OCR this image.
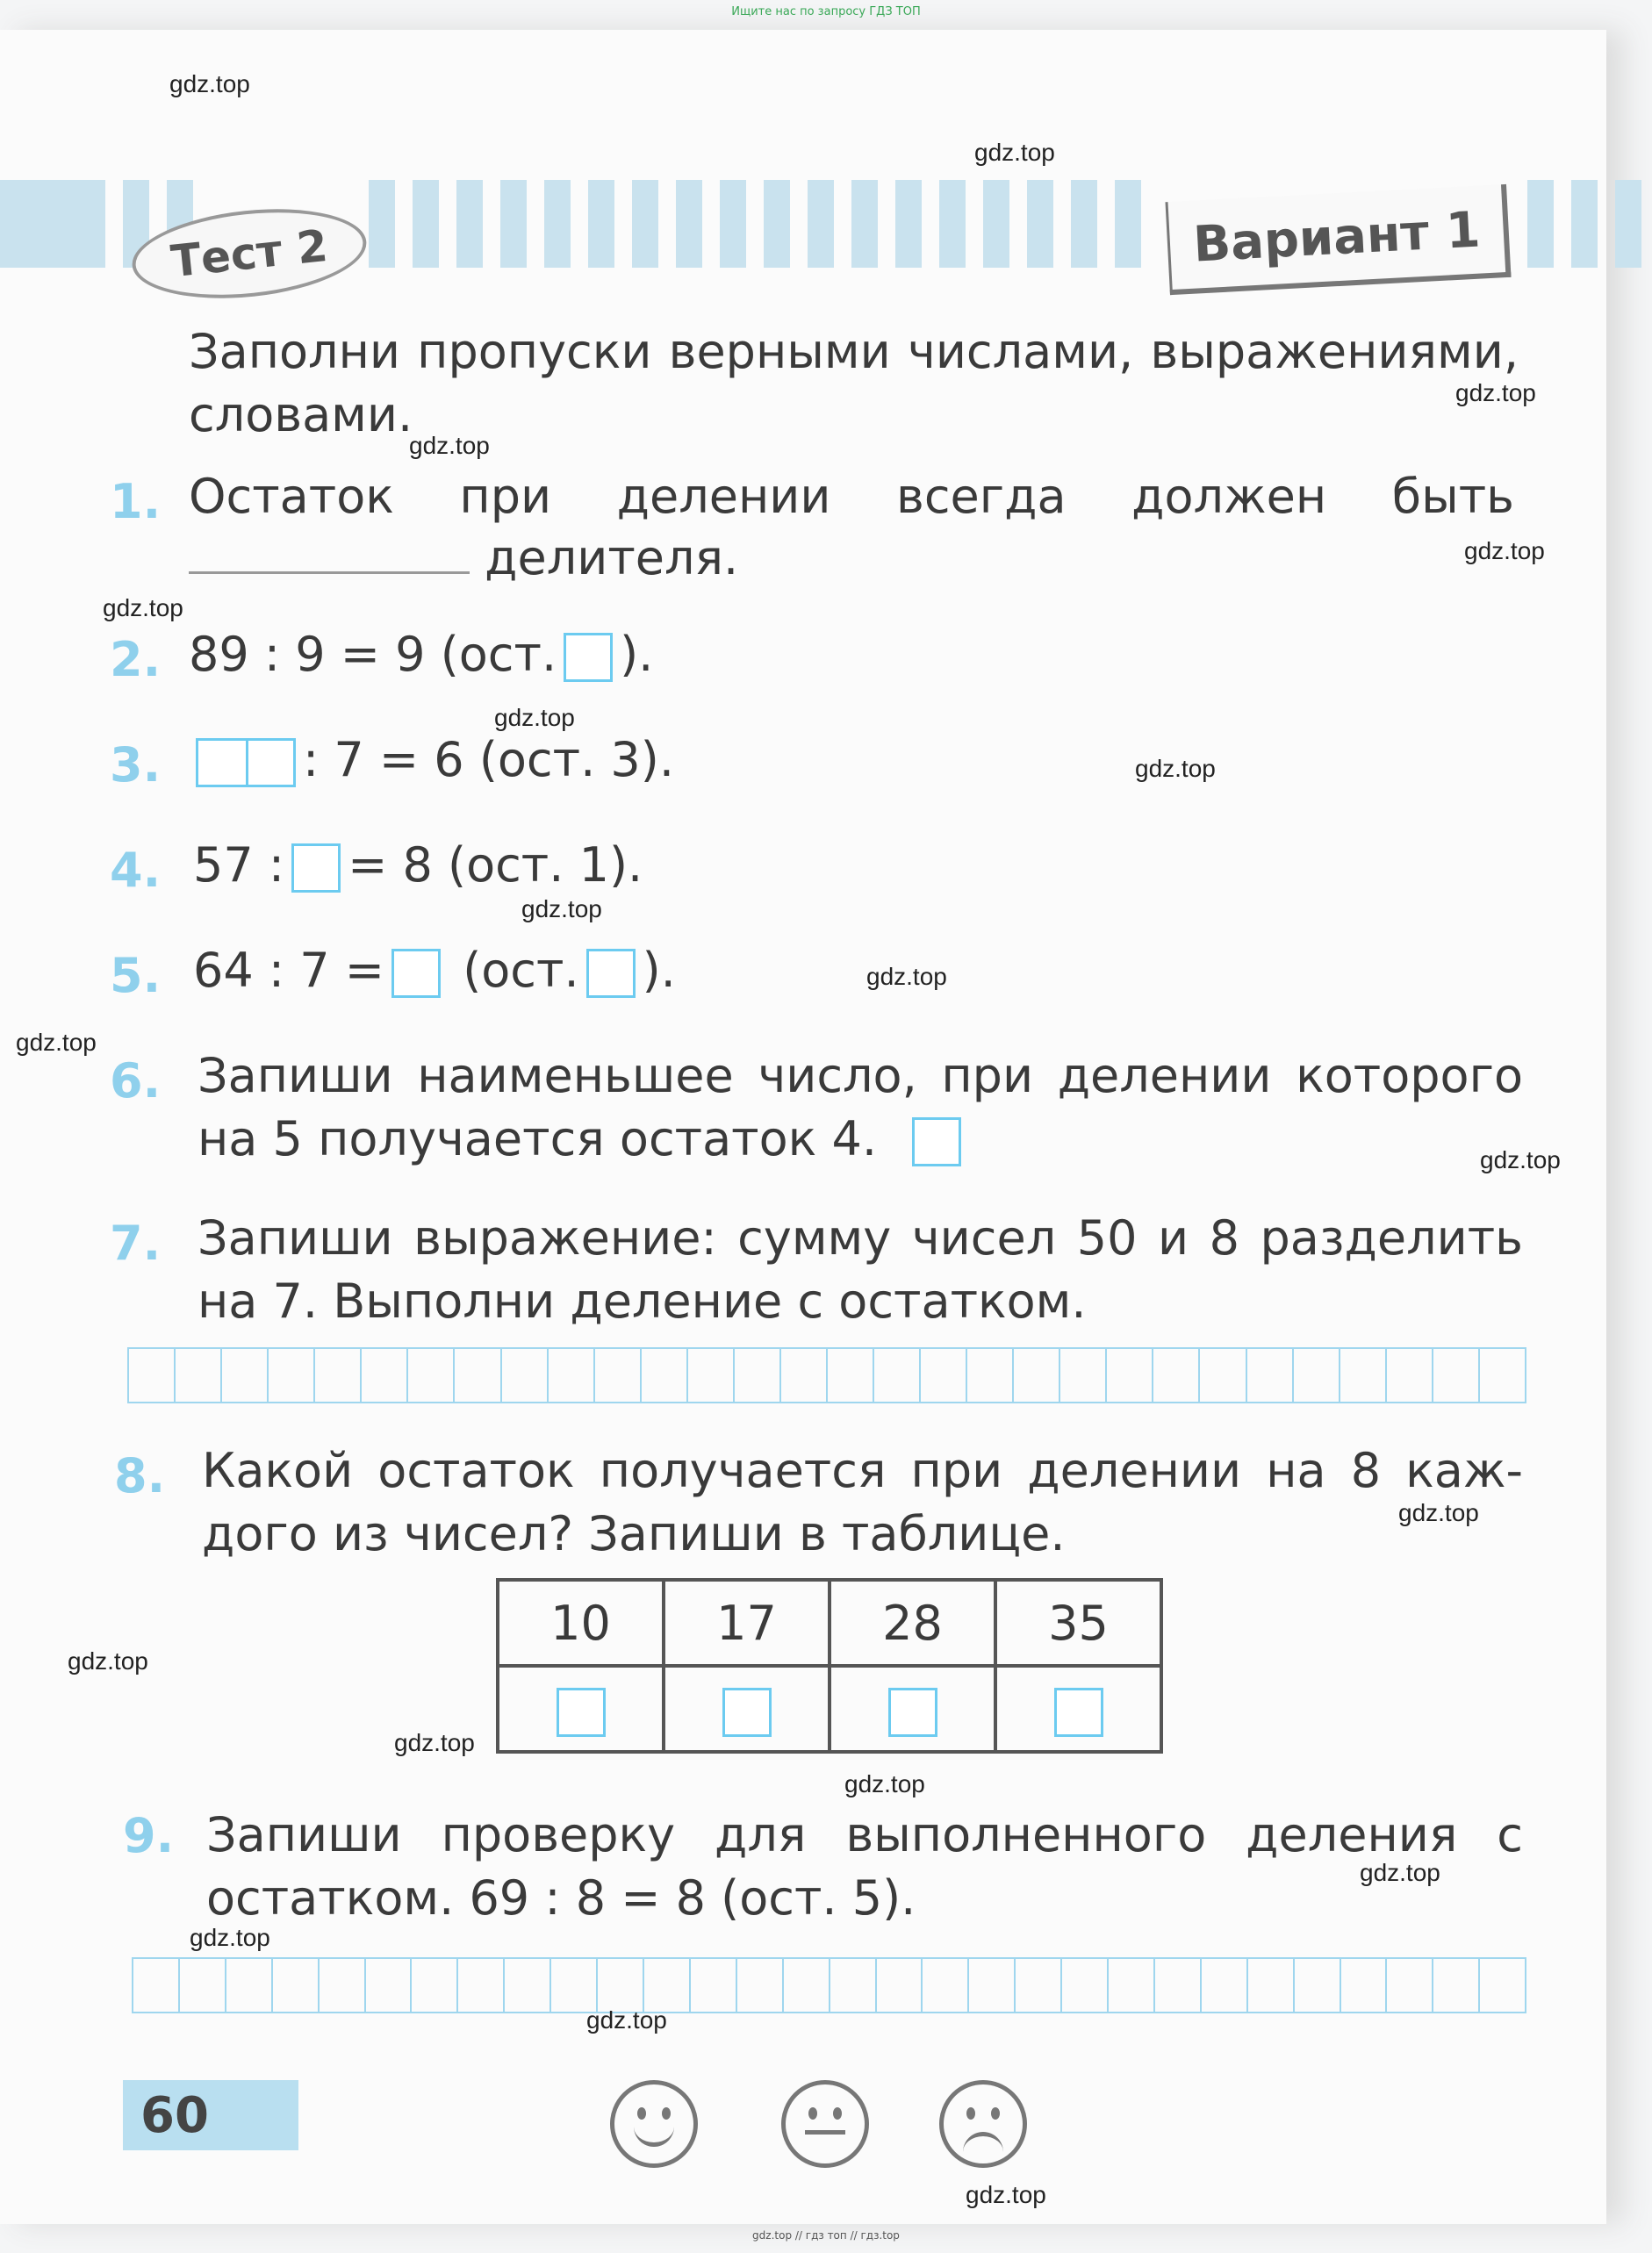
Ищите нас по запросу ГДЗ ТОП
Тест 2	Вариант 1
Заполни пропуски верными числами, выражениями, словами.
1. Остаток при делении всегда должен быть
делителя.
2. 89 : 9 = 9 (ост. ).
3.	: 7 = 6 (ост. 3).
4. 57 : = 8 (ост. 1).
5. 64 : 7 = (ост. ).
6. Запиши наименьшее число, при делении которого
на 5 получается остаток 4.
7. Запиши выражение: сумму чисел 50 и 8 разделить
на 7. Выполни деление с остатком.
8. Какой остаток получается при делении на 8 каж-
дого из чисел? Запиши в таблице.
10	17	28	35

9. Запиши проверку для выполненного деления с
остатком. 69 : 8 = 8 (ост. 5).
60
gdz.top
gdz.top
gdz.top
gdz.top
gdz.top
gdz.top
gdz.top
gdz.top
gdz.top
gdz.top
gdz.top
gdz.top
gdz.top
gdz.top
gdz.top
gdz.top
gdz.top
gdz.top
gdz.top
gdz.top
gdz.top // гдз топ // гдз.top
